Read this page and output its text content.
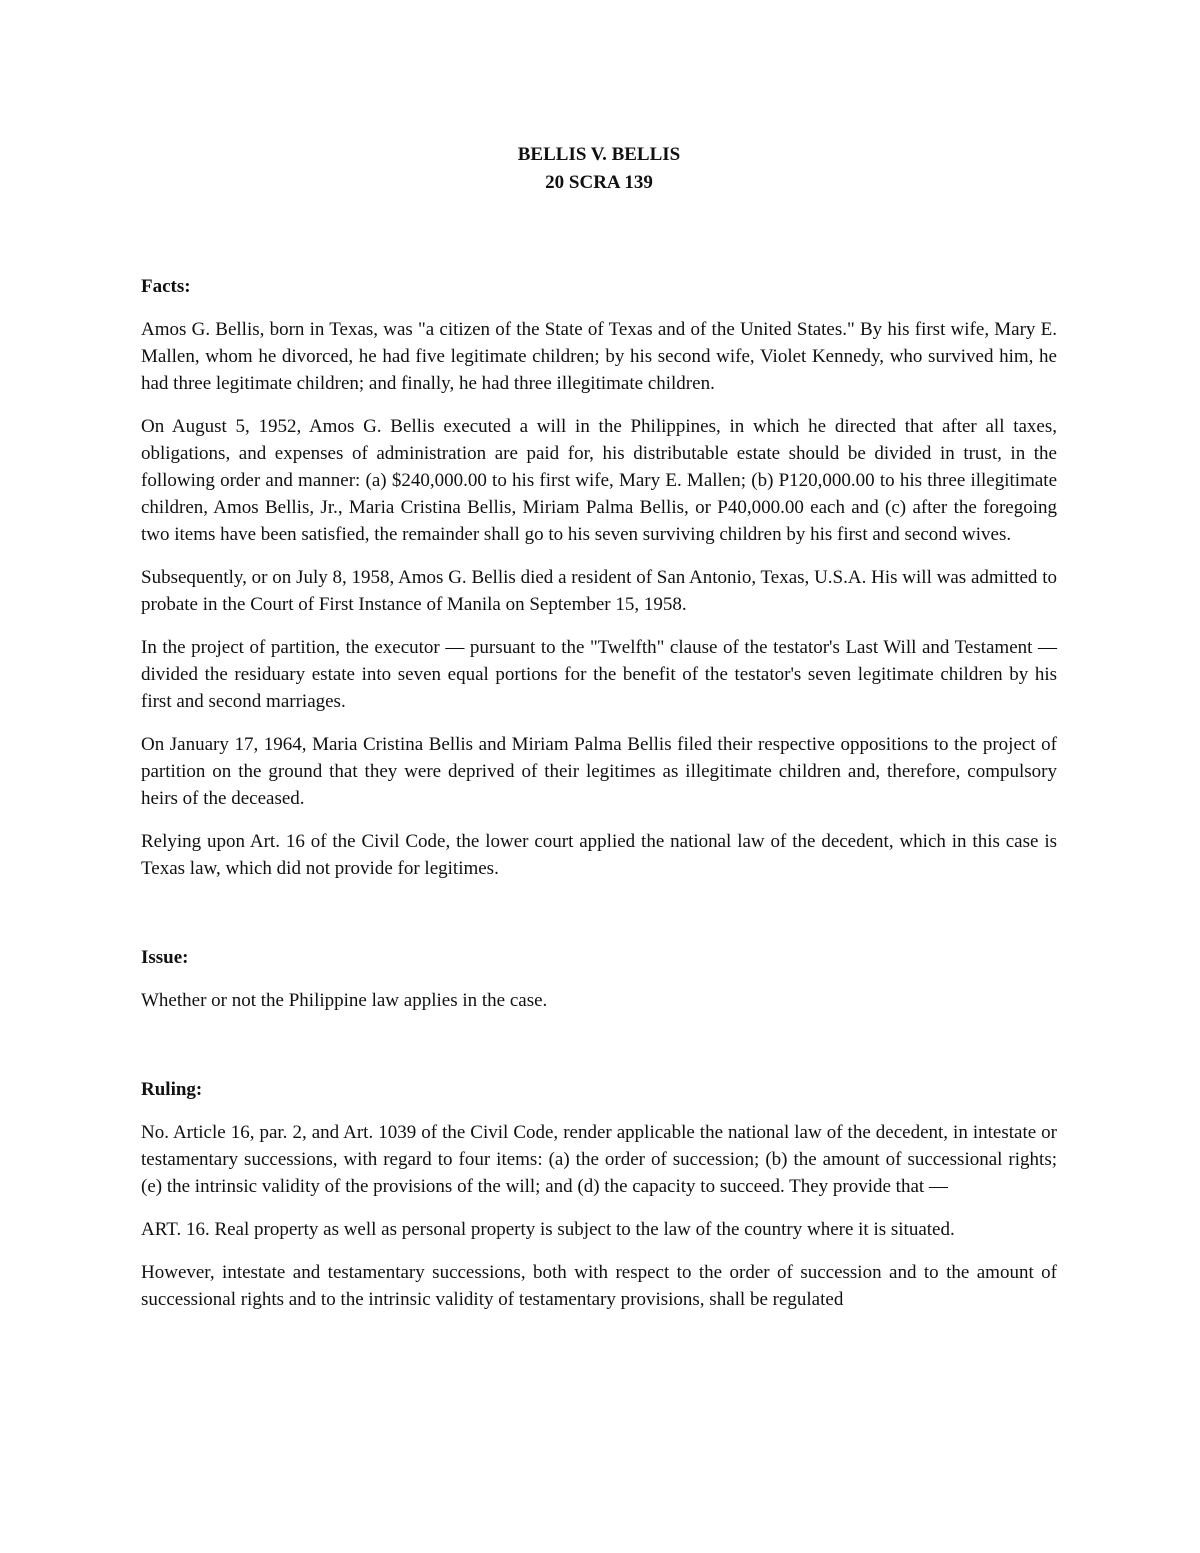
BELLIS V. BELLIS
20 SCRA 139
Facts:

Amos G. Bellis, born in Texas, was "a citizen of the State of Texas and of the United States." By his first wife, Mary E. Mallen, whom he divorced, he had five legitimate children; by his second wife, Violet Kennedy, who survived him, he had three legitimate children; and finally, he had three illegitimate children.

On August 5, 1952, Amos G. Bellis executed a will in the Philippines, in which he directed that after all taxes, obligations, and expenses of administration are paid for, his distributable estate should be divided in trust, in the following order and manner: (a) $240,000.00 to his first wife, Mary E. Mallen; (b) P120,000.00 to his three illegitimate children, Amos Bellis, Jr., Maria Cristina Bellis, Miriam Palma Bellis, or P40,000.00 each and (c) after the foregoing two items have been satisfied, the remainder shall go to his seven surviving children by his first and second wives.

Subsequently, or on July 8, 1958, Amos G. Bellis died a resident of San Antonio, Texas, U.S.A. His will was admitted to probate in the Court of First Instance of Manila on September 15, 1958.

In the project of partition, the executor — pursuant to the "Twelfth" clause of the testator's Last Will and Testament — divided the residuary estate into seven equal portions for the benefit of the testator's seven legitimate children by his first and second marriages.

On January 17, 1964, Maria Cristina Bellis and Miriam Palma Bellis filed their respective oppositions to the project of partition on the ground that they were deprived of their legitimes as illegitimate children and, therefore, compulsory heirs of the deceased.

Relying upon Art. 16 of the Civil Code, the lower court applied the national law of the decedent, which in this case is Texas law, which did not provide for legitimes.

Issue:

Whether or not the Philippine law applies in the case.

Ruling:

No. Article 16, par. 2, and Art. 1039 of the Civil Code, render applicable the national law of the decedent, in intestate or testamentary successions, with regard to four items: (a) the order of succession; (b) the amount of successional rights; (e) the intrinsic validity of the provisions of the will; and (d) the capacity to succeed. They provide that —

ART. 16. Real property as well as personal property is subject to the law of the country where it is situated.

However, intestate and testamentary successions, both with respect to the order of succession and to the amount of successional rights and to the intrinsic validity of testamentary provisions, shall be regulated
